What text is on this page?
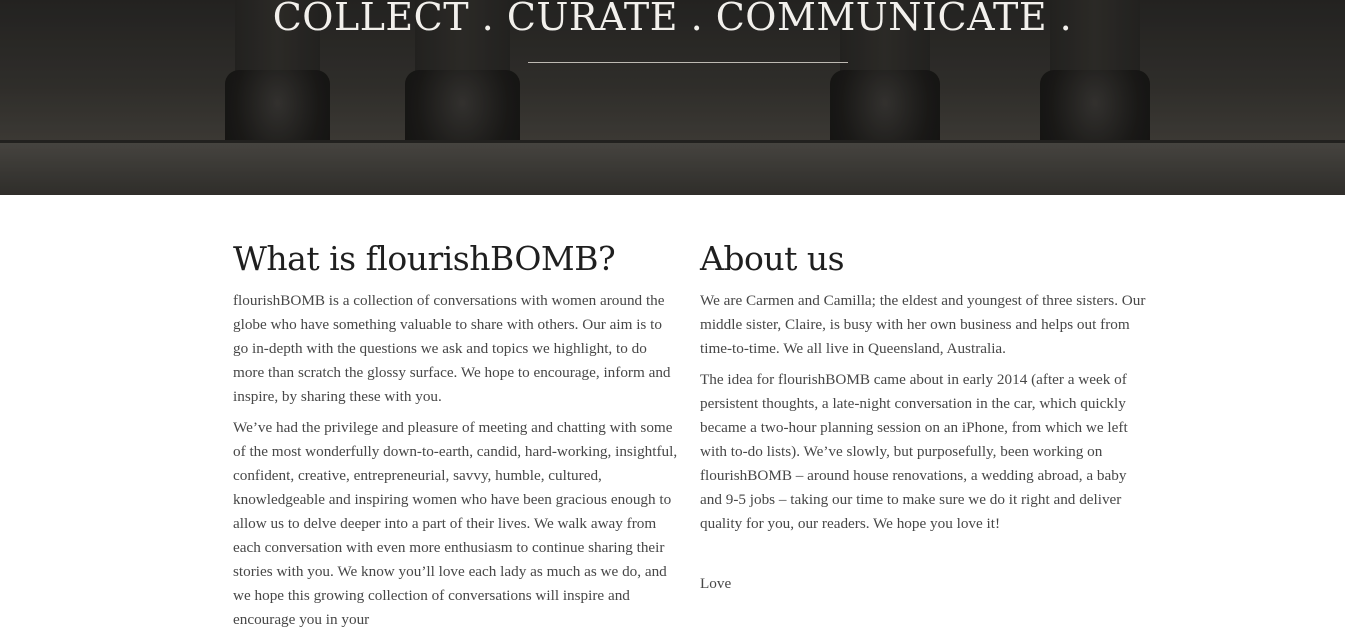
COLLECT . CURATE . COMMUNICATE .
What is flourishBOMB?

flourishBOMB is a collection of conversations with women around the globe who have something valuable to share with others. Our aim is to go in-depth with the questions we ask and topics we highlight, to do more than scratch the glossy surface. We hope to encourage, inform and inspire, by sharing these with you.

We’ve had the privilege and pleasure of meeting and chatting with some of the most wonderfully down-to-earth, candid, hard-working, insightful, confident, creative, entrepreneurial, savvy, humble, cultured, knowledgeable and inspiring women who have been gracious enough to allow us to delve deeper into a part of their lives. We walk away from each conversation with even more enthusiasm to continue sharing their stories with you. We know you’ll love each lady as much as we do, and we hope this growing collection of conversations will inspire and encourage you in your

About us

We are Carmen and Camilla; the eldest and youngest of three sisters. Our middle sister, Claire, is busy with her own business and helps out from time-to-time. We all live in Queensland, Australia.

The idea for flourishBOMB came about in early 2014 (after a week of persistent thoughts, a late-night conversation in the car, which quickly became a two-hour planning session on an iPhone, from which we left with to-do lists). We’ve slowly, but purposefully, been working on flourishBOMB – around house renovations, a wedding abroad, a baby and 9-5 jobs – taking our time to make sure we do it right and deliver quality for you, our readers. We hope you love it!

Love
